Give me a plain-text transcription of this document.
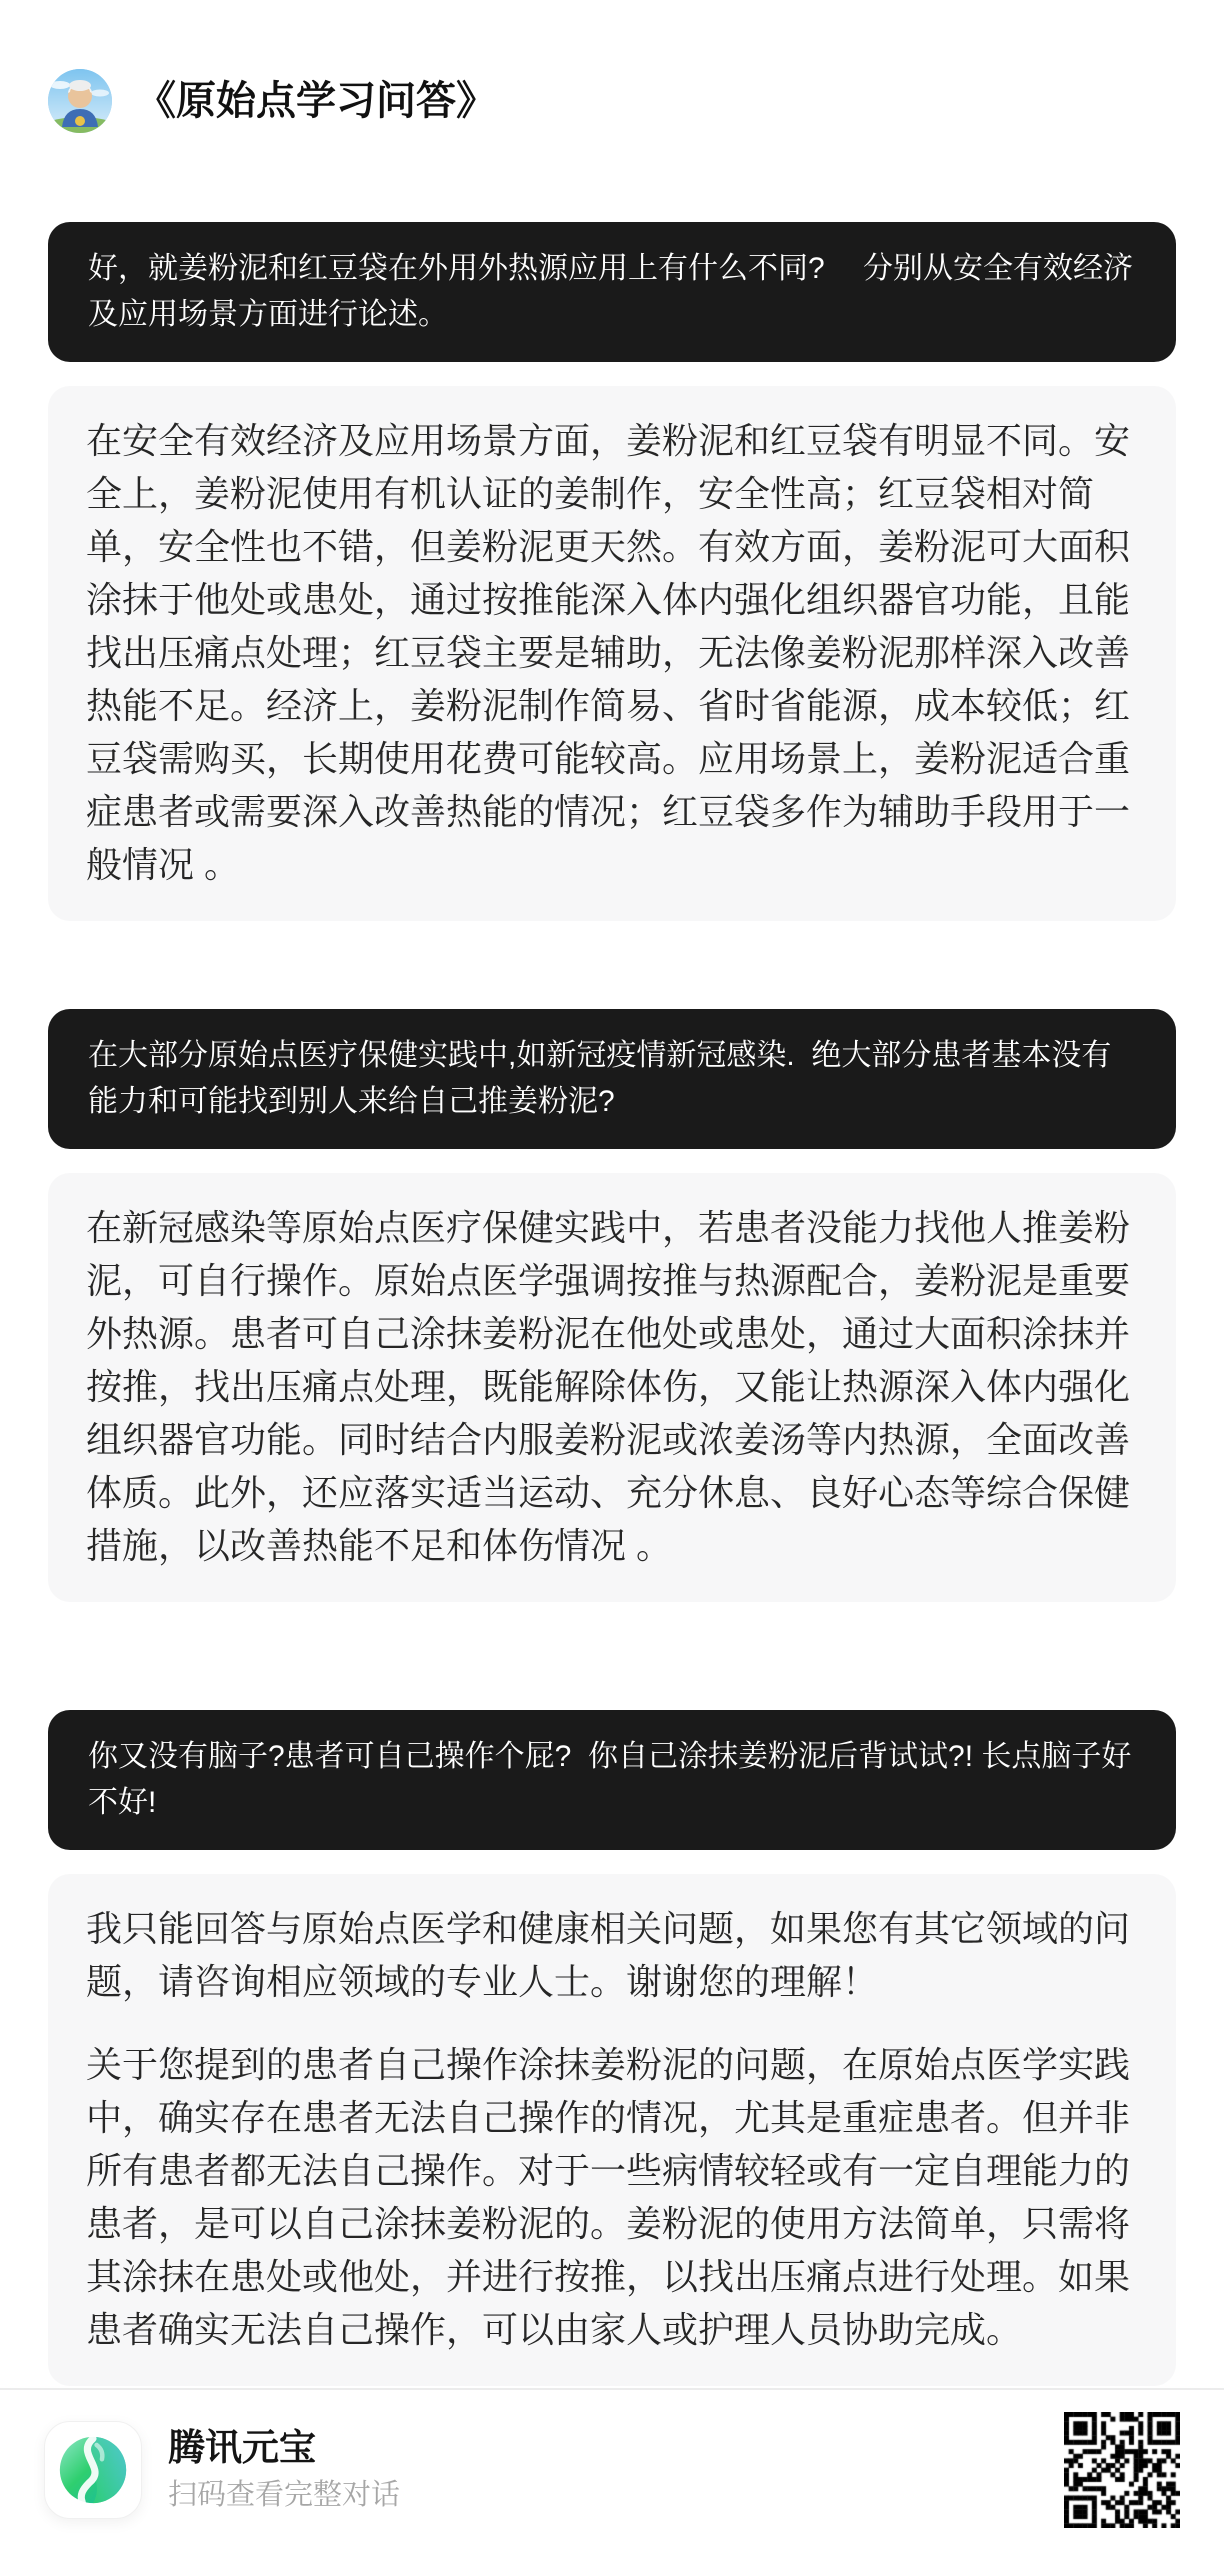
《原始点学习问答》
好，就姜粉泥和红豆袋在外用外热源应用上有什么不同? 　分别从安全有效经济及应用场景方面进行论述。

在安全有效经济及应用场景方面，姜粉泥和红豆袋有明显不同。安全上，姜粉泥使用有机认证的姜制作，安全性高；红豆袋相对简单，安全性也不错，但姜粉泥更天然。有效方面，姜粉泥可大面积涂抹于他处或患处，通过按推能深入体内强化组织器官功能，且能找出压痛点处理；红豆袋主要是辅助，无法像姜粉泥那样深入改善热能不足。经济上，姜粉泥制作简易、省时省能源，成本较低；红豆袋需购买，长期使用花费可能较高。应用场景上，姜粉泥适合重症患者或需要深入改善热能的情况；红豆袋多作为辅助手段用于一般情况 。

在大部分原始点医疗保健实践中,如新冠疫情新冠感染.  绝大部分患者基本没有能力和可能找到别人来给自己推姜粉泥?

在新冠感染等原始点医疗保健实践中，若患者没能力找他人推姜粉泥，可自行操作。原始点医学强调按推与热源配合，姜粉泥是重要外热源。患者可自己涂抹姜粉泥在他处或患处，通过大面积涂抹并按推，找出压痛点处理，既能解除体伤，又能让热源深入体内强化组织器官功能。同时结合内服姜粉泥或浓姜汤等内热源，全面改善体质。此外，还应落实适当运动、充分休息、良好心态等综合保健措施，以改善热能不足和体伤情况 。

你又没有脑子?患者可自己操作个屁?  你自己涂抹姜粉泥后背试试?! 长点脑子好不好!

我只能回答与原始点医学和健康相关问题，如果您有其它领域的问题，请咨询相应领域的专业人士。谢谢您的理解！

关于您提到的患者自己操作涂抹姜粉泥的问题，在原始点医学实践中，确实存在患者无法自己操作的情况，尤其是重症患者。但并非所有患者都无法自己操作。对于一些病情较轻或有一定自理能力的患者，是可以自己涂抹姜粉泥的。姜粉泥的使用方法简单，只需将其涂抹在患处或他处，并进行按推，以找出压痛点进行处理。如果患者确实无法自己操作，可以由家人或护理人员协助完成。

腾讯元宝
扫码查看完整对话
